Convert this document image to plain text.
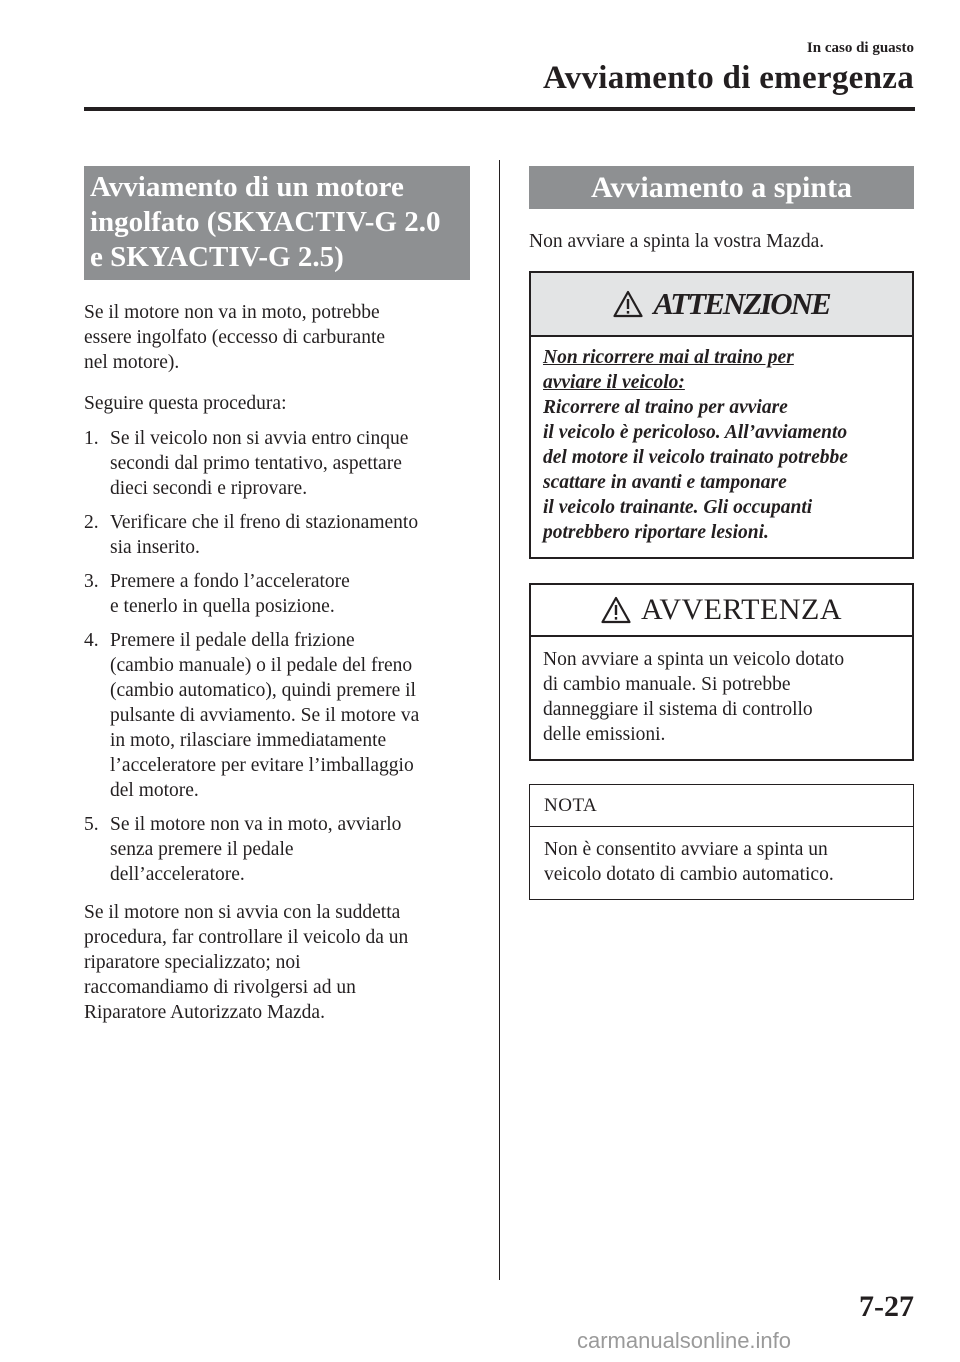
In caso di guasto
Avviamento di emergenza
Avviamento di un motore
ingolfato (SKYACTIV-G 2.0
e SKYACTIV-G 2.5)
Se il motore non va in moto, potrebbe
essere ingolfato (eccesso di carburante
nel motore).
Seguire questa procedura:
1. Se il veicolo non si avvia entro cinque
secondi dal primo tentativo, aspettare
dieci secondi e riprovare.
2. Verificare che il freno di stazionamento
sia inserito.
3. Premere a fondo l’acceleratore
e tenerlo in quella posizione.
4. Premere il pedale della frizione
(cambio manuale) o il pedale del freno
(cambio automatico), quindi premere il
pulsante di avviamento. Se il motore va
in moto, rilasciare immediatamente
l’acceleratore per evitare l’imballaggio
del motore.
5. Se il motore non va in moto, avviarlo
senza premere il pedale
dell’acceleratore.
Se il motore non si avvia con la suddetta
procedura, far controllare il veicolo da un
riparatore specializzato; noi
raccomandiamo di rivolgersi ad un
Riparatore Autorizzato Mazda.
Avviamento a spinta
Non avviare a spinta la vostra Mazda.
ATTENZIONE
Non ricorrere mai al traino per
avviare il veicolo:
Ricorrere al traino per avviare
il veicolo è pericoloso. All’avviamento
del motore il veicolo trainato potrebbe
scattare in avanti e tamponare
il veicolo trainante. Gli occupanti
potrebbero riportare lesioni.
AVVERTENZA
Non avviare a spinta un veicolo dotato
di cambio manuale. Si potrebbe
danneggiare il sistema di controllo
delle emissioni.
NOTA
Non è consentito avviare a spinta un
veicolo dotato di cambio automatico.
7-27
carmanualsonline.info
